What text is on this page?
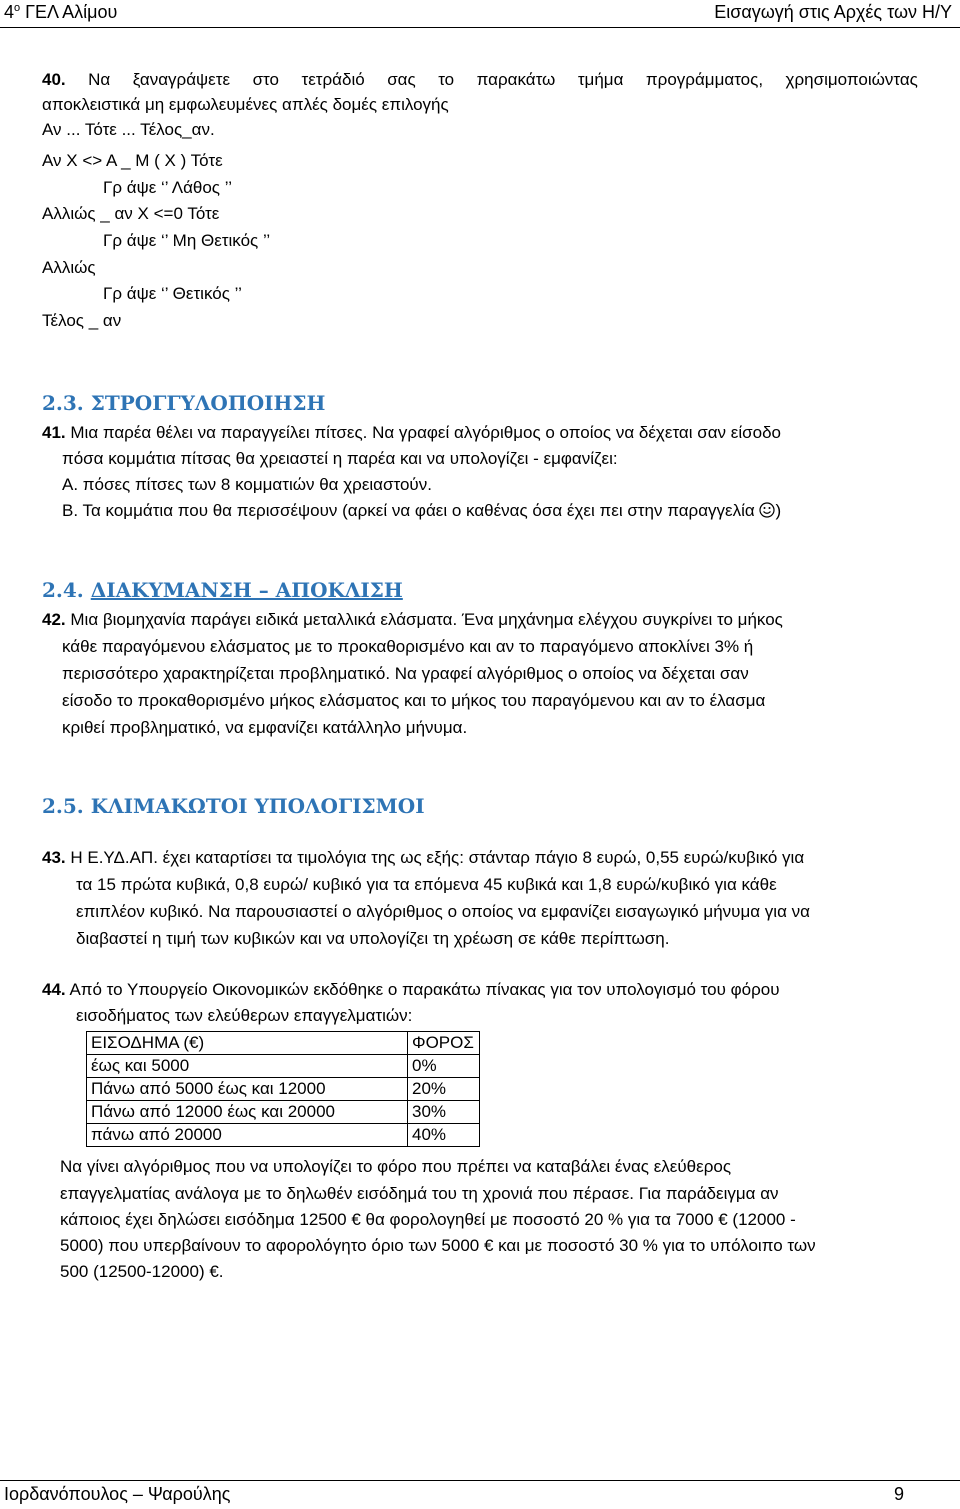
$4^o$ ΓΕΛ Αλίμου	Εισαγωγή στις Αρχές των Η/Υ
40. Να ξαναγράψετε στο τετράδιό σας το παρακάτω τμήμα προγράμματος, χρησιμοποιώντας
αποκλειστικά μη εμφωλευμένες απλές δομές επιλογής
Αν ... Τότε ... Τέλος_αν.
Αν Χ <> Α _ Μ ( Χ ) Τότε
Γρ άψε ‘’ Λάθος ’’
Αλλιώς _ αν Χ <=0 Τότε
Γρ άψε ‘’ Μη Θετικός ’’
Αλλιώς
Γρ άψε ‘’ Θετικός ’’
Τέλος _ αν
2.3. ΣΤΡΟΓΓΥΛΟΠΟΙΗΣΗ
41. Μια παρέα θέλει να παραγγείλει πίτσες. Να γραφεί αλγόριθμος ο οποίος να δέχεται σαν είσοδο
πόσα κομμάτια πίτσας θα χρειαστεί η παρέα και να υπολογίζει - εμφανίζει:
Α. πόσες πίτσες των 8 κομματιών θα χρειαστούν.
Β. Τα κομμάτια που θα περισσέψουν (αρκεί να φάει ο καθένας όσα έχει πει στην παραγγελία )
2.4. ΔΙΑΚΥΜΑΝΣΗ – ΑΠΟΚΛΙΣΗ
42. Μια βιομηχανία παράγει ειδικά μεταλλικά ελάσματα. Ένα μηχάνημα ελέγχου συγκρίνει το μήκος
κάθε παραγόμενου ελάσματος με το προκαθορισμένο και αν το παραγόμενο αποκλίνει 3% ή
περισσότερο χαρακτηρίζεται προβληματικό. Να γραφεί αλγόριθμος ο οποίος να δέχεται σαν
είσοδο το προκαθορισμένο μήκος ελάσματος και το μήκος του παραγόμενου και αν το έλασμα
κριθεί προβληματικό, να εμφανίζει κατάλληλο μήνυμα.
2.5. ΚΛΙΜΑΚΩΤΟΙ ΥΠΟΛΟΓΙΣΜΟΙ
43. Η Ε.ΥΔ.ΑΠ. έχει καταρτίσει τα τιμολόγια της ως εξής: στάνταρ πάγιο 8 ευρώ, 0,55 ευρώ/κυβικό για
τα 15 πρώτα κυβικά, 0,8 ευρώ/ κυβικό για τα επόμενα 45 κυβικά και 1,8 ευρώ/κυβικό για κάθε
επιπλέον κυβικό. Να παρουσιαστεί ο αλγόριθμος ο οποίος να εμφανίζει εισαγωγικό μήνυμα για να
διαβαστεί η τιμή των κυβικών και να υπολογίζει τη χρέωση σε κάθε περίπτωση.
44. Από το Υπουργείο Οικονομικών εκδόθηκε ο παρακάτω πίνακας για τον υπολογισμό του φόρου
εισοδήματος των ελεύθερων επαγγελματιών:
ΕΙΣΟΔΗΜΑ (€)	ΦΟΡΟΣ
έως και 5000	0%
Πάνω από 5000 έως και 12000	20%
Πάνω από 12000 έως και 20000	30%
πάνω από 20000	40%
Να γίνει αλγόριθμος που να υπολογίζει το φόρο που πρέπει να καταβάλει ένας ελεύθερος
επαγγελματίας ανάλογα με το δηλωθέν εισόδημά του τη χρονιά που πέρασε. Για παράδειγμα αν
κάποιος έχει δηλώσει εισόδημα 12500 € θα φορολογηθεί με ποσοστό 20 % για τα 7000 € (12000 -
5000) που υπερβαίνουν το αφορολόγητο όριο των 5000 € και με ποσοστό 30 % για το υπόλοιπο των
500 (12500-12000) €.
Ιορδανόπουλος – Ψαρούλης	9
